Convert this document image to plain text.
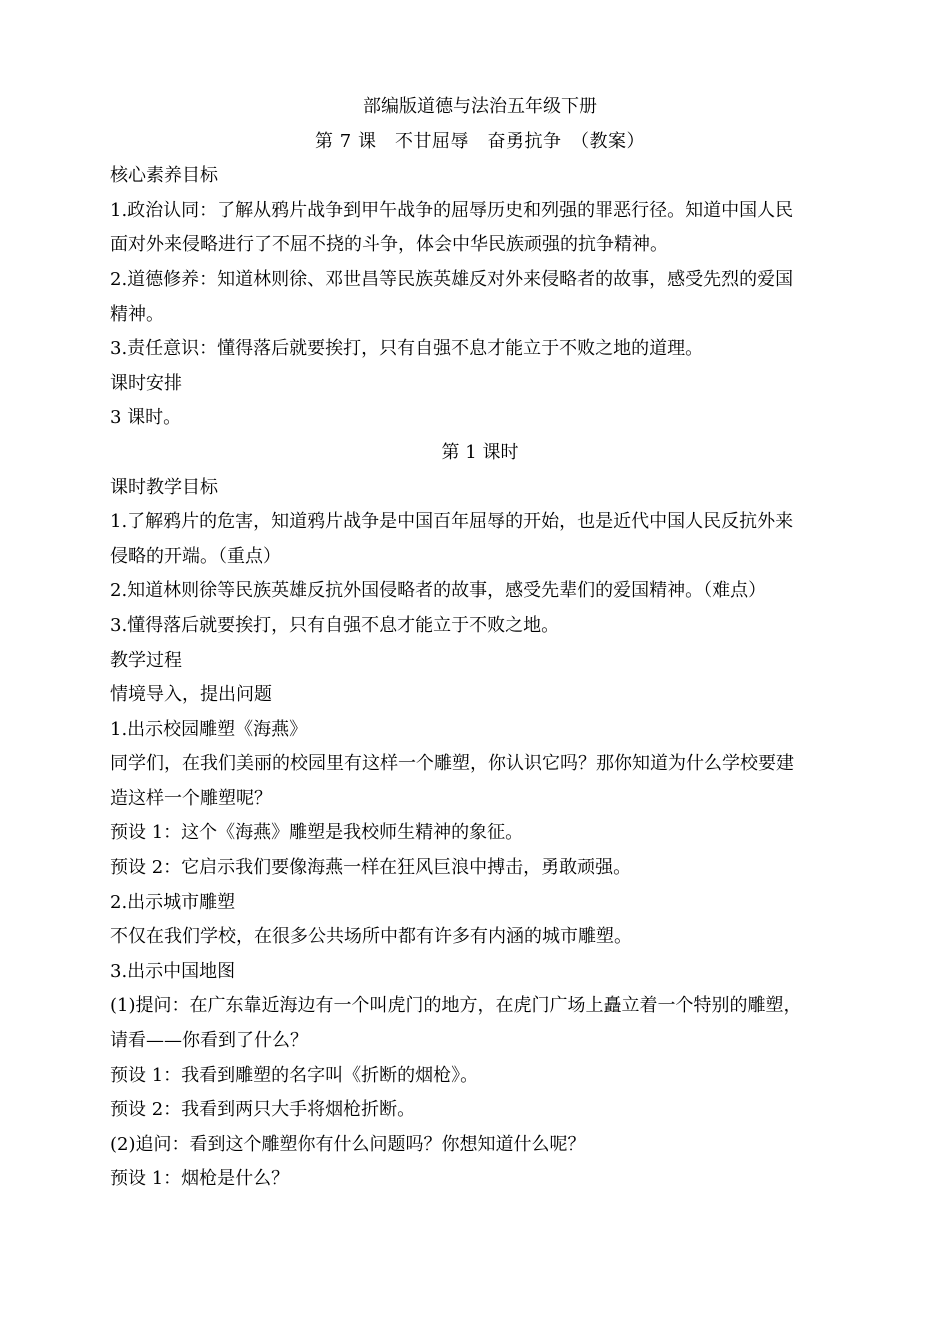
部编版道德与法治五年级下册
第 7 课　不甘屈辱　奋勇抗争　（教案）
核心素养目标
1.政治认同：了解从鸦片战争到甲午战争的屈辱历史和列强的罪恶行径。知道中国人民
面对外来侵略进行了不屈不挠的斗争，体会中华民族顽强的抗争精神。
2.道德修养：知道林则徐、邓世昌等民族英雄反对外来侵略者的故事，感受先烈的爱国
精神。
3.责任意识：懂得落后就要挨打，只有自强不息才能立于不败之地的道理。
课时安排
3 课时。
第 1 课时
课时教学目标
1.了解鸦片的危害，知道鸦片战争是中国百年屈辱的开始，也是近代中国人民反抗外来
侵略的开端。（重点）
2.知道林则徐等民族英雄反抗外国侵略者的故事，感受先辈们的爱国精神。（难点）
3.懂得落后就要挨打，只有自强不息才能立于不败之地。
教学过程
情境导入，提出问题
1.出示校园雕塑《海燕》
同学们，在我们美丽的校园里有这样一个雕塑，你认识它吗？那你知道为什么学校要建
造这样一个雕塑呢？
预设 1：这个《海燕》雕塑是我校师生精神的象征。
预设 2：它启示我们要像海燕一样在狂风巨浪中搏击，勇敢顽强。
2.出示城市雕塑
不仅在我们学校，在很多公共场所中都有许多有内涵的城市雕塑。
3.出示中国地图
(1)提问：在广东靠近海边有一个叫虎门的地方，在虎门广场上矗立着一个特别的雕塑，
请看——你看到了什么？
预设 1：我看到雕塑的名字叫《折断的烟枪》。
预设 2：我看到两只大手将烟枪折断。
(2)追问：看到这个雕塑你有什么问题吗？你想知道什么呢？
预设 1：烟枪是什么？
